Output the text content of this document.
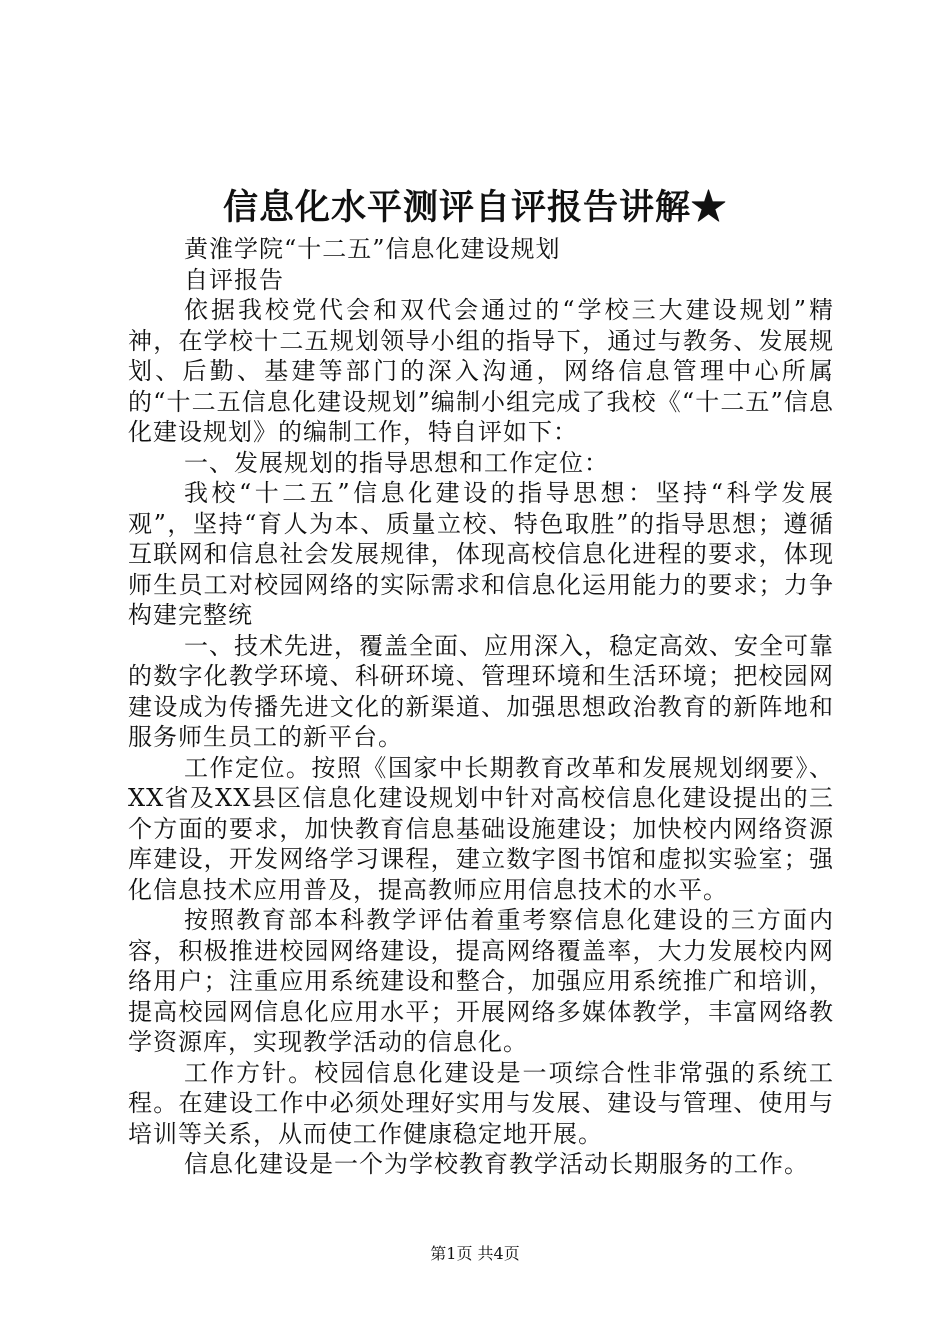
信息化水平测评自评报告讲解★

黄淮学院“十二五”信息化建设规划

自评报告

依据我校党代会和双代会通过的“学校三大建设规划”精神，在学校十二五规划领导小组的指导下，通过与教务、发展规划、后勤、基建等部门的深入沟通，网络信息管理中心所属的“十二五信息化建设规划”编制小组完成了我校《“十二五”信息化建设规划》的编制工作，特自评如下：

一、发展规划的指导思想和工作定位：

我校“十二五”信息化建设的指导思想：坚持“科学发展观”，坚持“育人为本、质量立校、特色取胜”的指导思想；遵循互联网和信息社会发展规律，体现高校信息化进程的要求，体现师生员工对校园网络的实际需求和信息化运用能力的要求；力争构建完整统

一、技术先进，覆盖全面、应用深入，稳定高效、安全可靠的数字化教学环境、科研环境、管理环境和生活环境；把校园网建设成为传播先进文化的新渠道、加强思想政治教育的新阵地和服务师生员工的新平台。

工作定位。按照《国家中长期教育改革和发展规划纲要》、XX省及XX县区信息化建设规划中针对高校信息化建设提出的三个方面的要求，加快教育信息基础设施建设；加快校内网络资源库建设，开发网络学习课程，建立数字图书馆和虚拟实验室；强化信息技术应用普及，提高教师应用信息技术的水平。

按照教育部本科教学评估着重考察信息化建设的三方面内容，积极推进校园网络建设，提高网络覆盖率，大力发展校内网络用户；注重应用系统建设和整合，加强应用系统推广和培训，提高校园网信息化应用水平；开展网络多媒体教学，丰富网络教学资源库，实现教学活动的信息化。

工作方针。校园信息化建设是一项综合性非常强的系统工程。在建设工作中必须处理好实用与发展、建设与管理、使用与培训等关系，从而使工作健康稳定地开展。

信息化建设是一个为学校教育教学活动长期服务的工作。

第1页 共4页
